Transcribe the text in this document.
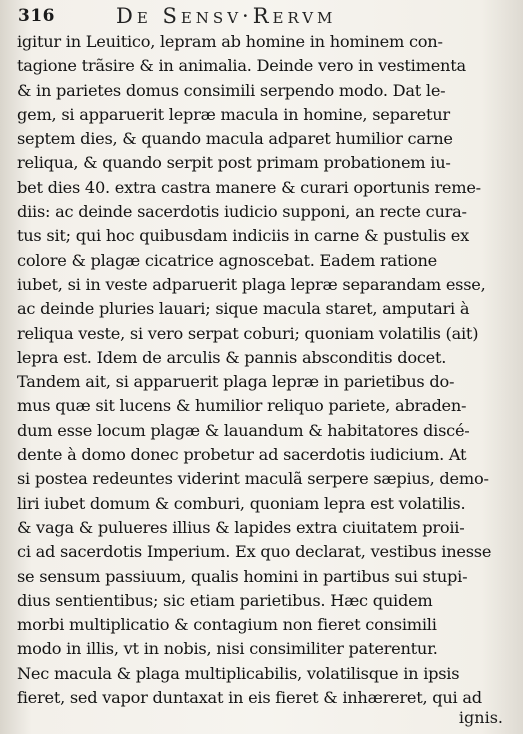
316	De Sensv·Rervm
igitur in Leuitico, lepram ab homine in hominem con-
tagione trãsire & in animalia. Deinde vero in vestimenta
& in parietes domus consimili serpendo modo. Dat le-
gem, si apparuerit lepræ macula in homine, separetur
septem dies, & quando macula adparet humilior carne
reliqua, & quando serpit post primam probationem iu-
bet dies 40. extra castra manere & curari oportunis reme-
diis: ac deinde sacerdotis iudicio supponi, an recte cura-
tus sit; qui hoc quibusdam indiciis in carne & pustulis ex
colore & plagæ cicatrice agnoscebat. Eadem ratione
iubet, si in veste adparuerit plaga lepræ separandam esse,
ac deinde pluries lauari; sique macula staret, amputari à
reliqua veste, si vero serpat coburi; quoniam volatilis (ait)
lepra est. Idem de arculis & pannis absconditis docet.
Tandem ait, si apparuerit plaga lepræ in parietibus do-
mus quæ sit lucens & humilior reliquo pariete, abraden-
dum esse locum plagæ & lauandum & habitatores discé-
dente à domo donec probetur ad sacerdotis iudicium. At
si postea redeuntes viderint maculã serpere sæpius, demo-
liri iubet domum & comburi, quoniam lepra est volatilis.
& vaga & pulueres illius & lapides extra ciuitatem proii-
ci ad sacerdotis Imperium. Ex quo declarat, vestibus inesse
se sensum passiuum, qualis homini in partibus sui stupi-
dius sentientibus; sic etiam parietibus. Hæc quidem
morbi multiplicatio & contagium non fieret consimili
modo in illis, vt in nobis, nisi consimiliter paterentur.
Nec macula & plaga multiplicabilis, volatilisque in ipsis
fieret, sed vapor duntaxat in eis fieret & inhæreret, qui ad
ignis.
